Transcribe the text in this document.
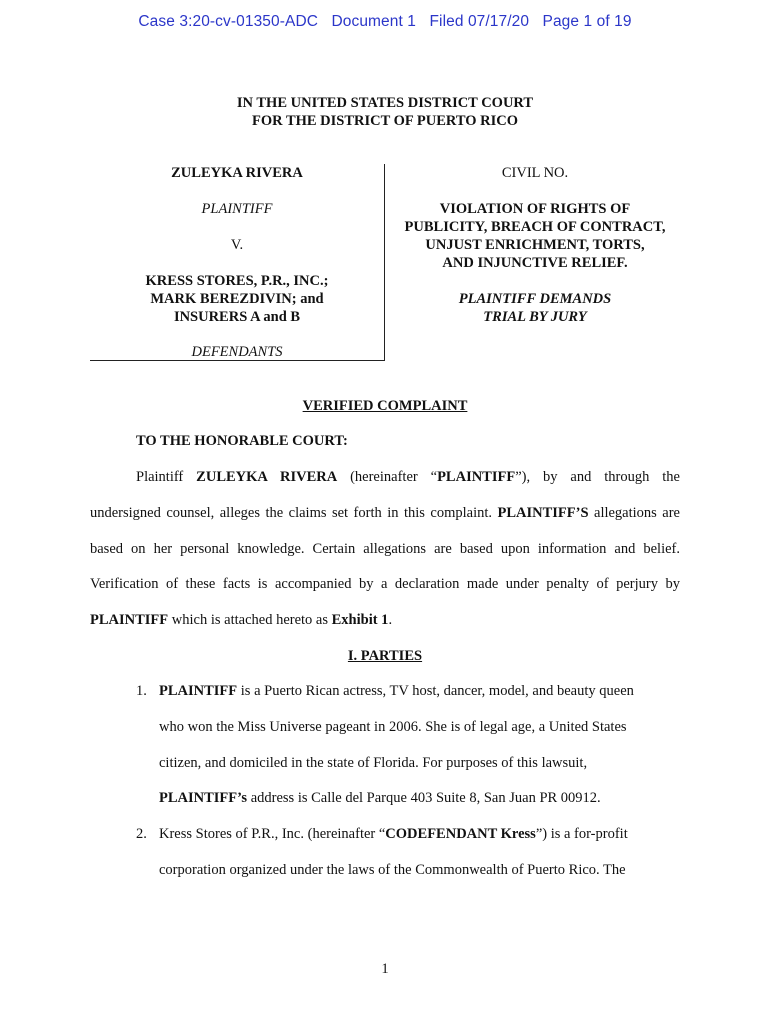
Case 3:20-cv-01350-ADC Document 1 Filed 07/17/20 Page 1 of 19
IN THE UNITED STATES DISTRICT COURT
FOR THE DISTRICT OF PUERTO RICO
ZULEYKA RIVERA
PLAINTIFF
V.
KRESS STORES, P.R., INC.;
MARK BEREZDIVIN; and
INSURERS A and B
DEFENDANTS
CIVIL NO.
VIOLATION OF RIGHTS OF
PUBLICITY, BREACH OF CONTRACT,
UNJUST ENRICHMENT, TORTS,
AND INJUNCTIVE RELIEF.
PLAINTIFF DEMANDS
TRIAL BY JURY
VERIFIED COMPLAINT
TO THE HONORABLE COURT:
Plaintiff ZULEYKA RIVERA (hereinafter “PLAINTIFF”), by and through the
undersigned counsel, alleges the claims set forth in this complaint. PLAINTIFF’S allegations are
based on her personal knowledge. Certain allegations are based upon information and belief.
Verification of these facts is accompanied by a declaration made under penalty of perjury by
PLAINTIFF which is attached hereto as Exhibit 1.
I. PARTIES
1. PLAINTIFF is a Puerto Rican actress, TV host, dancer, model, and beauty queen
who won the Miss Universe pageant in 2006. She is of legal age, a United States
citizen, and domiciled in the state of Florida. For purposes of this lawsuit,
PLAINTIFF’s address is Calle del Parque 403 Suite 8, San Juan PR 00912.
2. Kress Stores of P.R., Inc. (hereinafter “CODEFENDANT Kress”) is a for-profit
corporation organized under the laws of the Commonwealth of Puerto Rico. The
1
